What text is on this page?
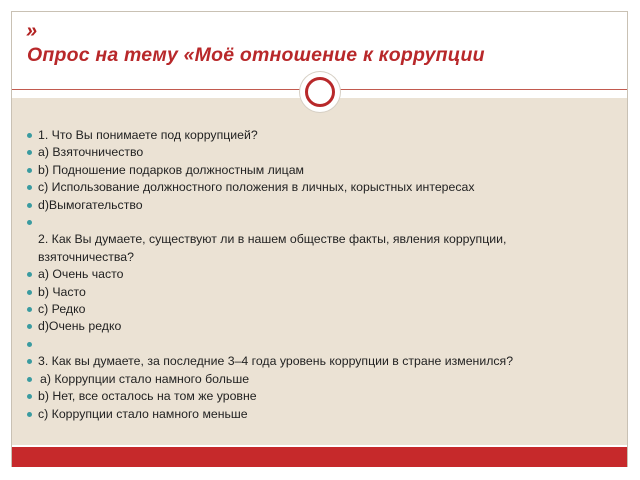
»
Опрос на тему «Моё отношение к коррупции
1. Что Вы понимаете под коррупцией?
a) Взяточничество
b) Подношение подарков должностным лицам
c) Использование должностного положения в личных, корыстных интересах
d)Вымогательство
2. Как Вы думаете, существуют ли в нашем обществе факты, явления коррупции, взяточничества?
a) Очень часто
b) Часто
c) Редко
d)Очень редко
3. Как вы думаете, за последние 3–4 года уровень коррупции в стране изменился?
a) Коррупции стало намного больше
b) Нет, все осталось на том же уровне
c) Коррупции стало намного меньше
